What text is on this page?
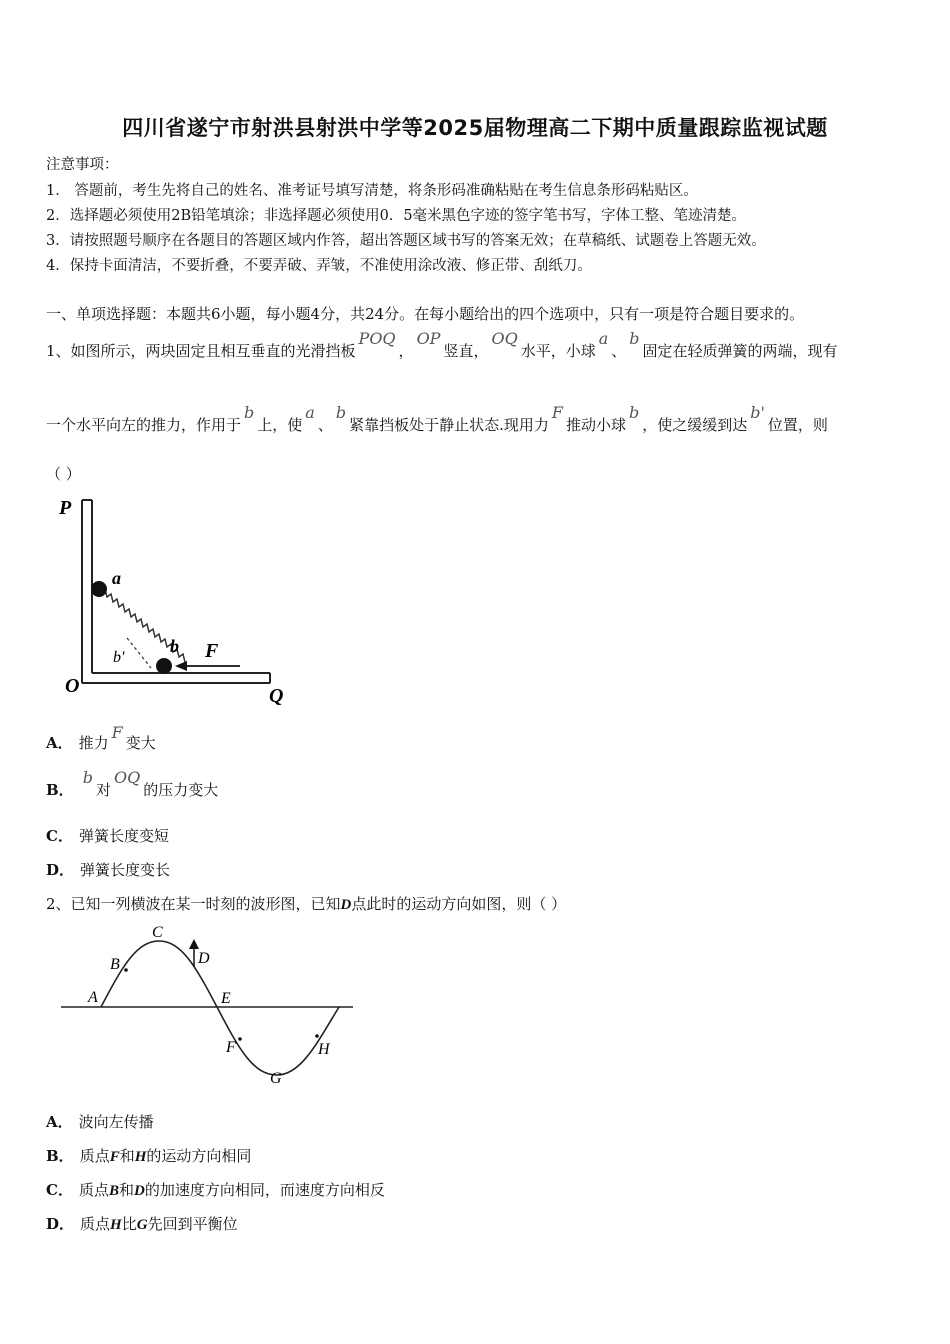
四川省遂宁市射洪县射洪中学等2025届物理高二下期中质量跟踪监视试题
注意事项：
1． 答题前，考生先将自己的姓名、准考证号填写清楚，将条形码准确粘贴在考生信息条形码粘贴区。
2．选择题必须使用2B铅笔填涂；非选择题必须使用0．5毫米黑色字迹的签字笔书写，字体工整、笔迹清楚。
3．请按照题号顺序在各题目的答题区域内作答，超出答题区域书写的答案无效；在草稿纸、试题卷上答题无效。
4．保持卡面清洁，不要折叠，不要弄破、弄皱，不准使用涂改液、修正带、刮纸刀。
一、单项选择题：本题共6小题，每小题4分，共24分。在每小题给出的四个选项中，只有一项是符合题目要求的。
1、如图所示，两块固定且相互垂直的光滑挡板POQ，OP竖直，OQ水平，小球a、b固定在轻质弹簧的两端，现有
一个水平向左的推力，作用于b上，使a、b紧靠挡板处于静止状态.现用力F推动小球b，使之缓缓到达b'位置，则
（ ）
P
O	Q
a
b
b'	F
A． 推力F变大
B．b对OQ的压力变大
C． 弹簧长度变短
D． 弹簧长度变长
2、已知一列横波在某一时刻的波形图，已知D点此时的运动方向如图，则（ ）
A
B
C
D
E
F
G
H
A． 波向左传播
B． 质点F和H的运动方向相同
C． 质点B和D的加速度方向相同，而速度方向相反
D． 质点H比G先回到平衡位
